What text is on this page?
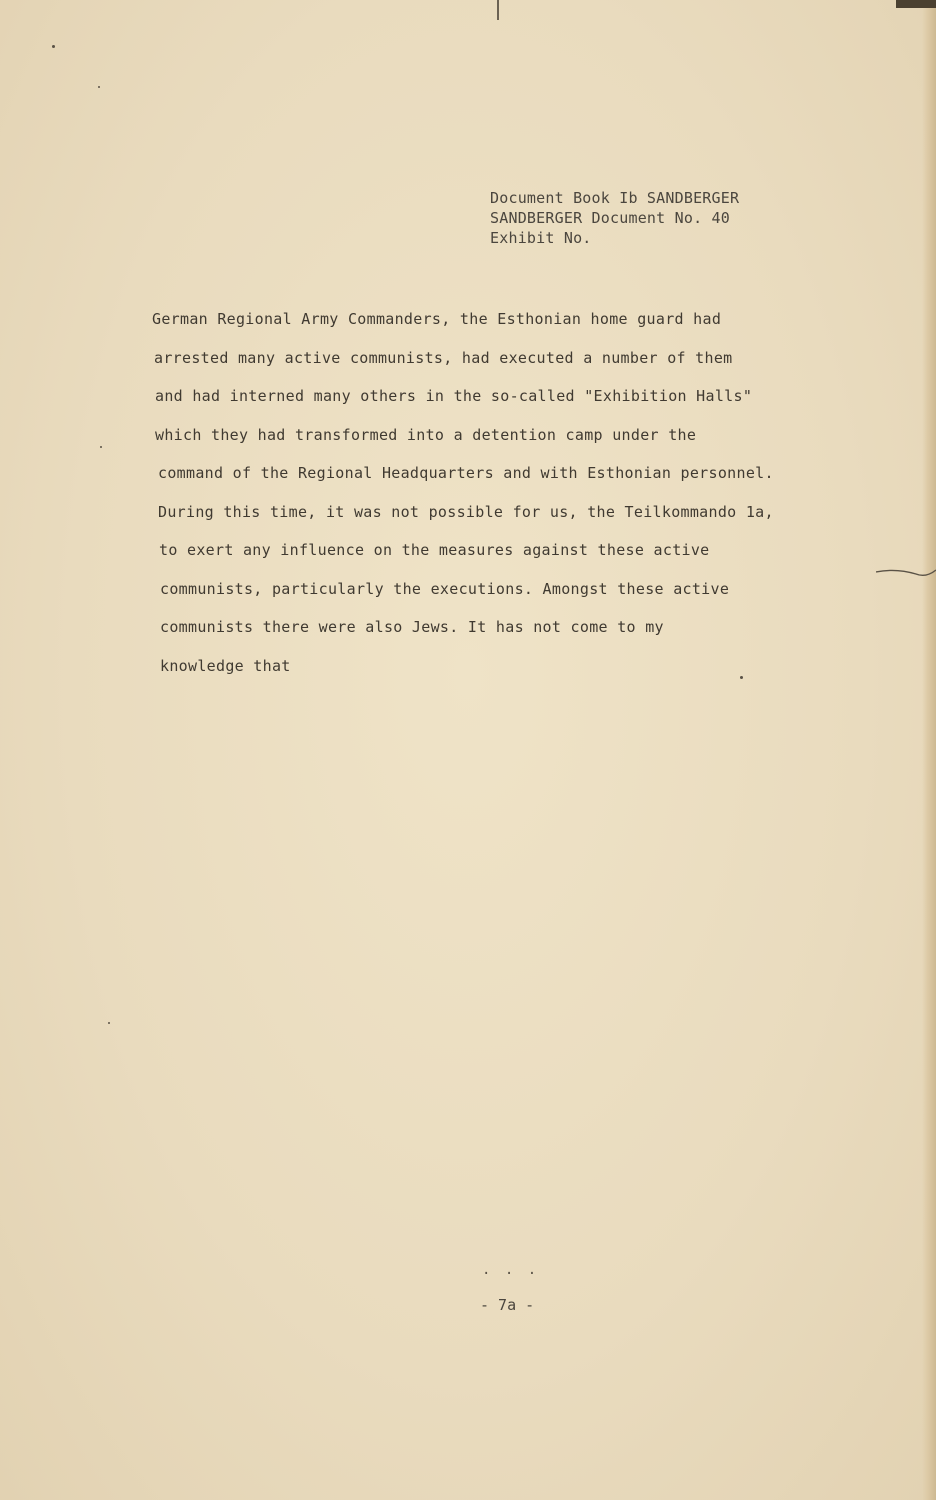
Document Book Ib SANDBERGER
SANDBERGER Document No. 40
Exhibit No.
German Regional Army Commanders, the Esthonian home guard had
arrested many active communists, had executed a number of them
and had interned many others in the so-called "Exhibition Halls"
which they had transformed into a detention camp under the
command of the Regional Headquarters and with Esthonian personnel.
During this time, it was not possible for us, the Teilkommando 1a,
to exert any influence on the measures against these active
communists, particularly the executions. Amongst these active
communists there were also Jews. It has not come to my
knowledge that
. . .
- 7a -
